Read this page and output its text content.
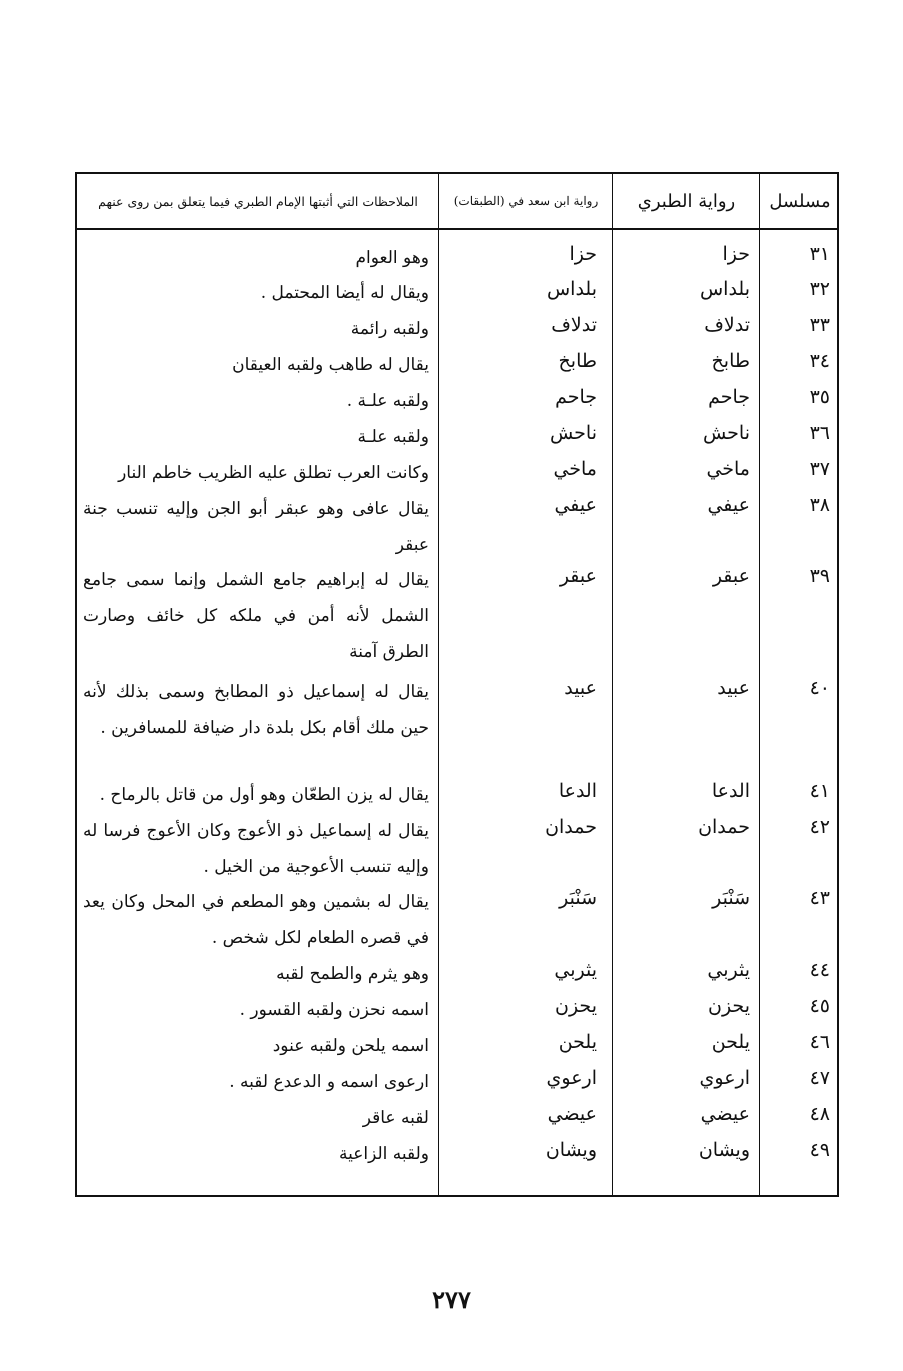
مسلسل
رواية الطبري
رواية ابن سعد في (الطبقات)
الملاحظات التي أثبتها الإمام الطبري فيما يتعلق بمن روى عنهم
٣١
حزا
حزا
وهو العوام
٣٢
بلداس
بلداس
ويقال له أيضا المحتمل .
٣٣
تدلاف
تدلاف
ولقبه رائمة
٣٤
طابخ
طابخ
يقال له طاهب ولقبه العيقان
٣٥
جاحم
جاحم
ولقبه علـة .
٣٦
ناحش
ناحش
ولقبه علـة
٣٧
ماخي
ماخي
وكانت العرب تطلق عليه الظريب خاطم النار
٣٨
عيفي
عيفي
يقال عافى وهو عبقر أبو الجن وإليه تنسب جنة عبقر
٣٩
عبقر
عبقر
يقال له إبراهيم جامع الشمل وإنما سمى جامع الشمل لأنه أمن في ملكه كل خائف وصارت الطرق آمنة
٤٠
عبيد
عبيد
يقال له إسماعيل ذو المطابخ وسمى بذلك لأنه حين ملك أقام بكل بلدة دار ضيافة للمسافرين .
٤١
الدعا
الدعا
يقال له يزن الطعّان وهو أول من قاتل بالرماح .
٤٢
حمدان
حمدان
يقال له إسماعيل ذو الأعوج وكان الأعوج فرسا له وإليه تنسب الأعوجية من الخيل .
٤٣
سَنْبَر
سَنْبَر
يقال له بشمين وهو المطعم في المحل وكان يعد في قصره الطعام لكل شخص .
٤٤
يثربي
يثربي
وهو يثرم والطمح لقبه
٤٥
يحزن
يحزن
اسمه نحزن ولقبه القسور .
٤٦
يلحن
يلحن
اسمه يلحن ولقبه عنود
٤٧
ارعوي
ارعوي
ارعوى اسمه و الدعدع لقبه .
٤٨
عيضي
عيضي
لقبه عاقر
٤٩
ويشان
ويشان
ولقبه الزاعية
٢٧٧
